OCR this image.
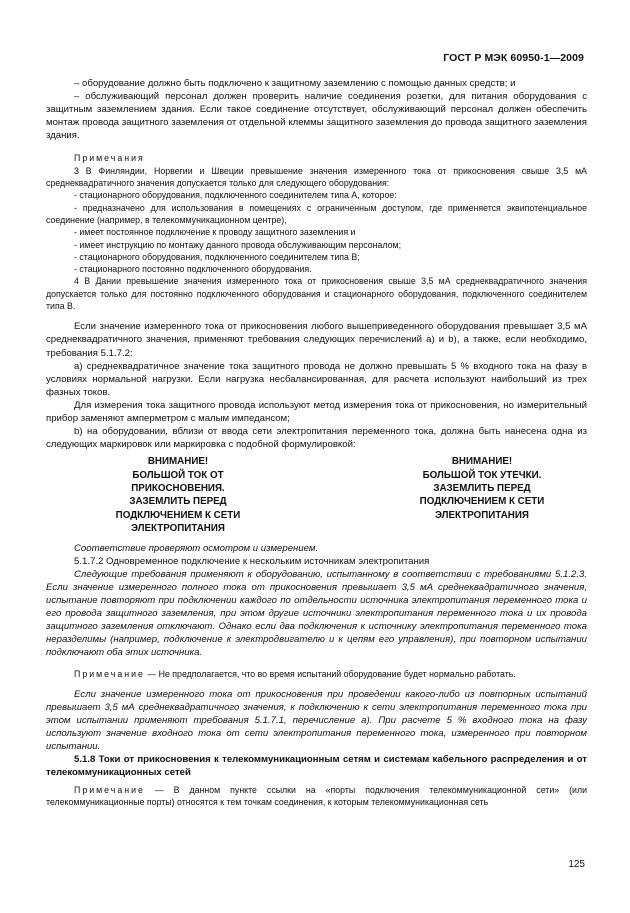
ГОСТ Р МЭК 60950-1—2009

– оборудование должно быть подключено к защитному заземлению с помощью данных средств; и

– обслуживающий персонал должен проверить наличие соединения розетки, для питания оборудования с защитным заземлением здания. Если такое соединение отсутствует, обслуживающий персонал должен обеспечить монтаж провода защитного заземления от отдельной клеммы защитного заземления до провода защитного заземления здания.

Примечания

3 В Финляндии, Норвегии и Швеции превышение значения измеренного тока от прикосновения свыше 3,5 мА среднеквадратичного значения допускается только для следующего оборудования:

- стационарного оборудования, подключенного соединителем типа А, которое:

- предназначено для использования в помещениях с ограниченным доступом, где применяется эквипотенциальное соединение (например, в телекоммуникационном центре),

- имеет постоянное подключение к проводу защитного заземления и

- имеет инструкцию по монтажу данного провода обслуживающим персоналом;

- стационарного оборудования, подключенного соединителем типа В;

- стационарного постоянно подключенного оборудования.

4 В Дании превышение значения измеренного тока от прикосновения свыше 3,5 мА среднеквадратичного значения допускается только для постоянно подключенного оборудования и стационарного оборудования, подключенного соединителем типа В.

Если значение измеренного тока от прикосновения любого вышеприведенного оборудования превышает 3,5 мА среднеквадратичного значения, применяют требования следующих перечислений а) и b), а также, если необходимо, требования 5.1.7.2:

а) среднеквадратичное значение тока защитного провода не должно превышать 5 % входного тока на фазу в условиях нормальной нагрузки. Если нагрузка несбалансированная, для расчета используют наибольший из трех фазных токов.

Для измерения тока защитного провода используют метод измерения тока от прикосновения, но измерительный прибор заменяют амперметром с малым импедансом;

b) на оборудовании, вблизи от ввода сети электропитания переменного тока, должна быть нанесена одна из следующих маркировок или маркировка с подобной формулировкой:

ВНИМАНИЕ!
БОЛЬШОЙ ТОК ОТ
ПРИКОСНОВЕНИЯ.
ЗАЗЕМЛИТЬ ПЕРЕД
ПОДКЛЮЧЕНИЕМ К СЕТИ
ЭЛЕКТРОПИТАНИЯ
ВНИМАНИЕ!
БОЛЬШОЙ ТОК УТЕЧКИ.
ЗАЗЕМЛИТЬ ПЕРЕД
ПОДКЛЮЧЕНИЕМ К СЕТИ
ЭЛЕКТРОПИТАНИЯ

Соответствие проверяют осмотром и измерением.

5.1.7.2 Одновременное подключение к нескольким источникам электропитания

Следующие требования применяют к оборудованию, испытанному в соответствии с требованиями 5.1.2.3. Если значение измеренного полного тока от прикосновения превышает 3,5 мА среднеквадратичного значения, испытание повторяют при подключении каждого по отдельности источника электропитания переменного тока и его провода защитного заземления, при этом другие источники электропитания переменного тока и их провода защитного заземления отключают. Однако если два подключения к источнику электропитания переменного тока неразделимы (например, подключение к электродвигателю и к цепям его управления), при повторном испытании подключают оба этих источника.

Примечание — Не предполагается, что во время испытаний оборудование будет нормально работать.

Если значение измеренного тока от прикосновения при проведении какого-либо из повторных испытаний превышает 3,5 мА среднеквадратичного значения, к подключению к сети электропитания переменного тока при этом испытании применяют требования 5.1.7.1, перечисление а). При расчете 5 % входного тока на фазу используют значение входного тока от сети электропитания переменного тока, измеренного при повторном испытании.

5.1.8 Токи от прикосновения к телекоммуникационным сетям и системам кабельного распределения и от телекоммуникационных сетей

Примечание — В данном пункте ссылки на «порты подключения телекоммуникационной сети» (или телекоммуникационные порты) относятся к тем точкам соединения, к которым телекоммуникационная сеть

125
